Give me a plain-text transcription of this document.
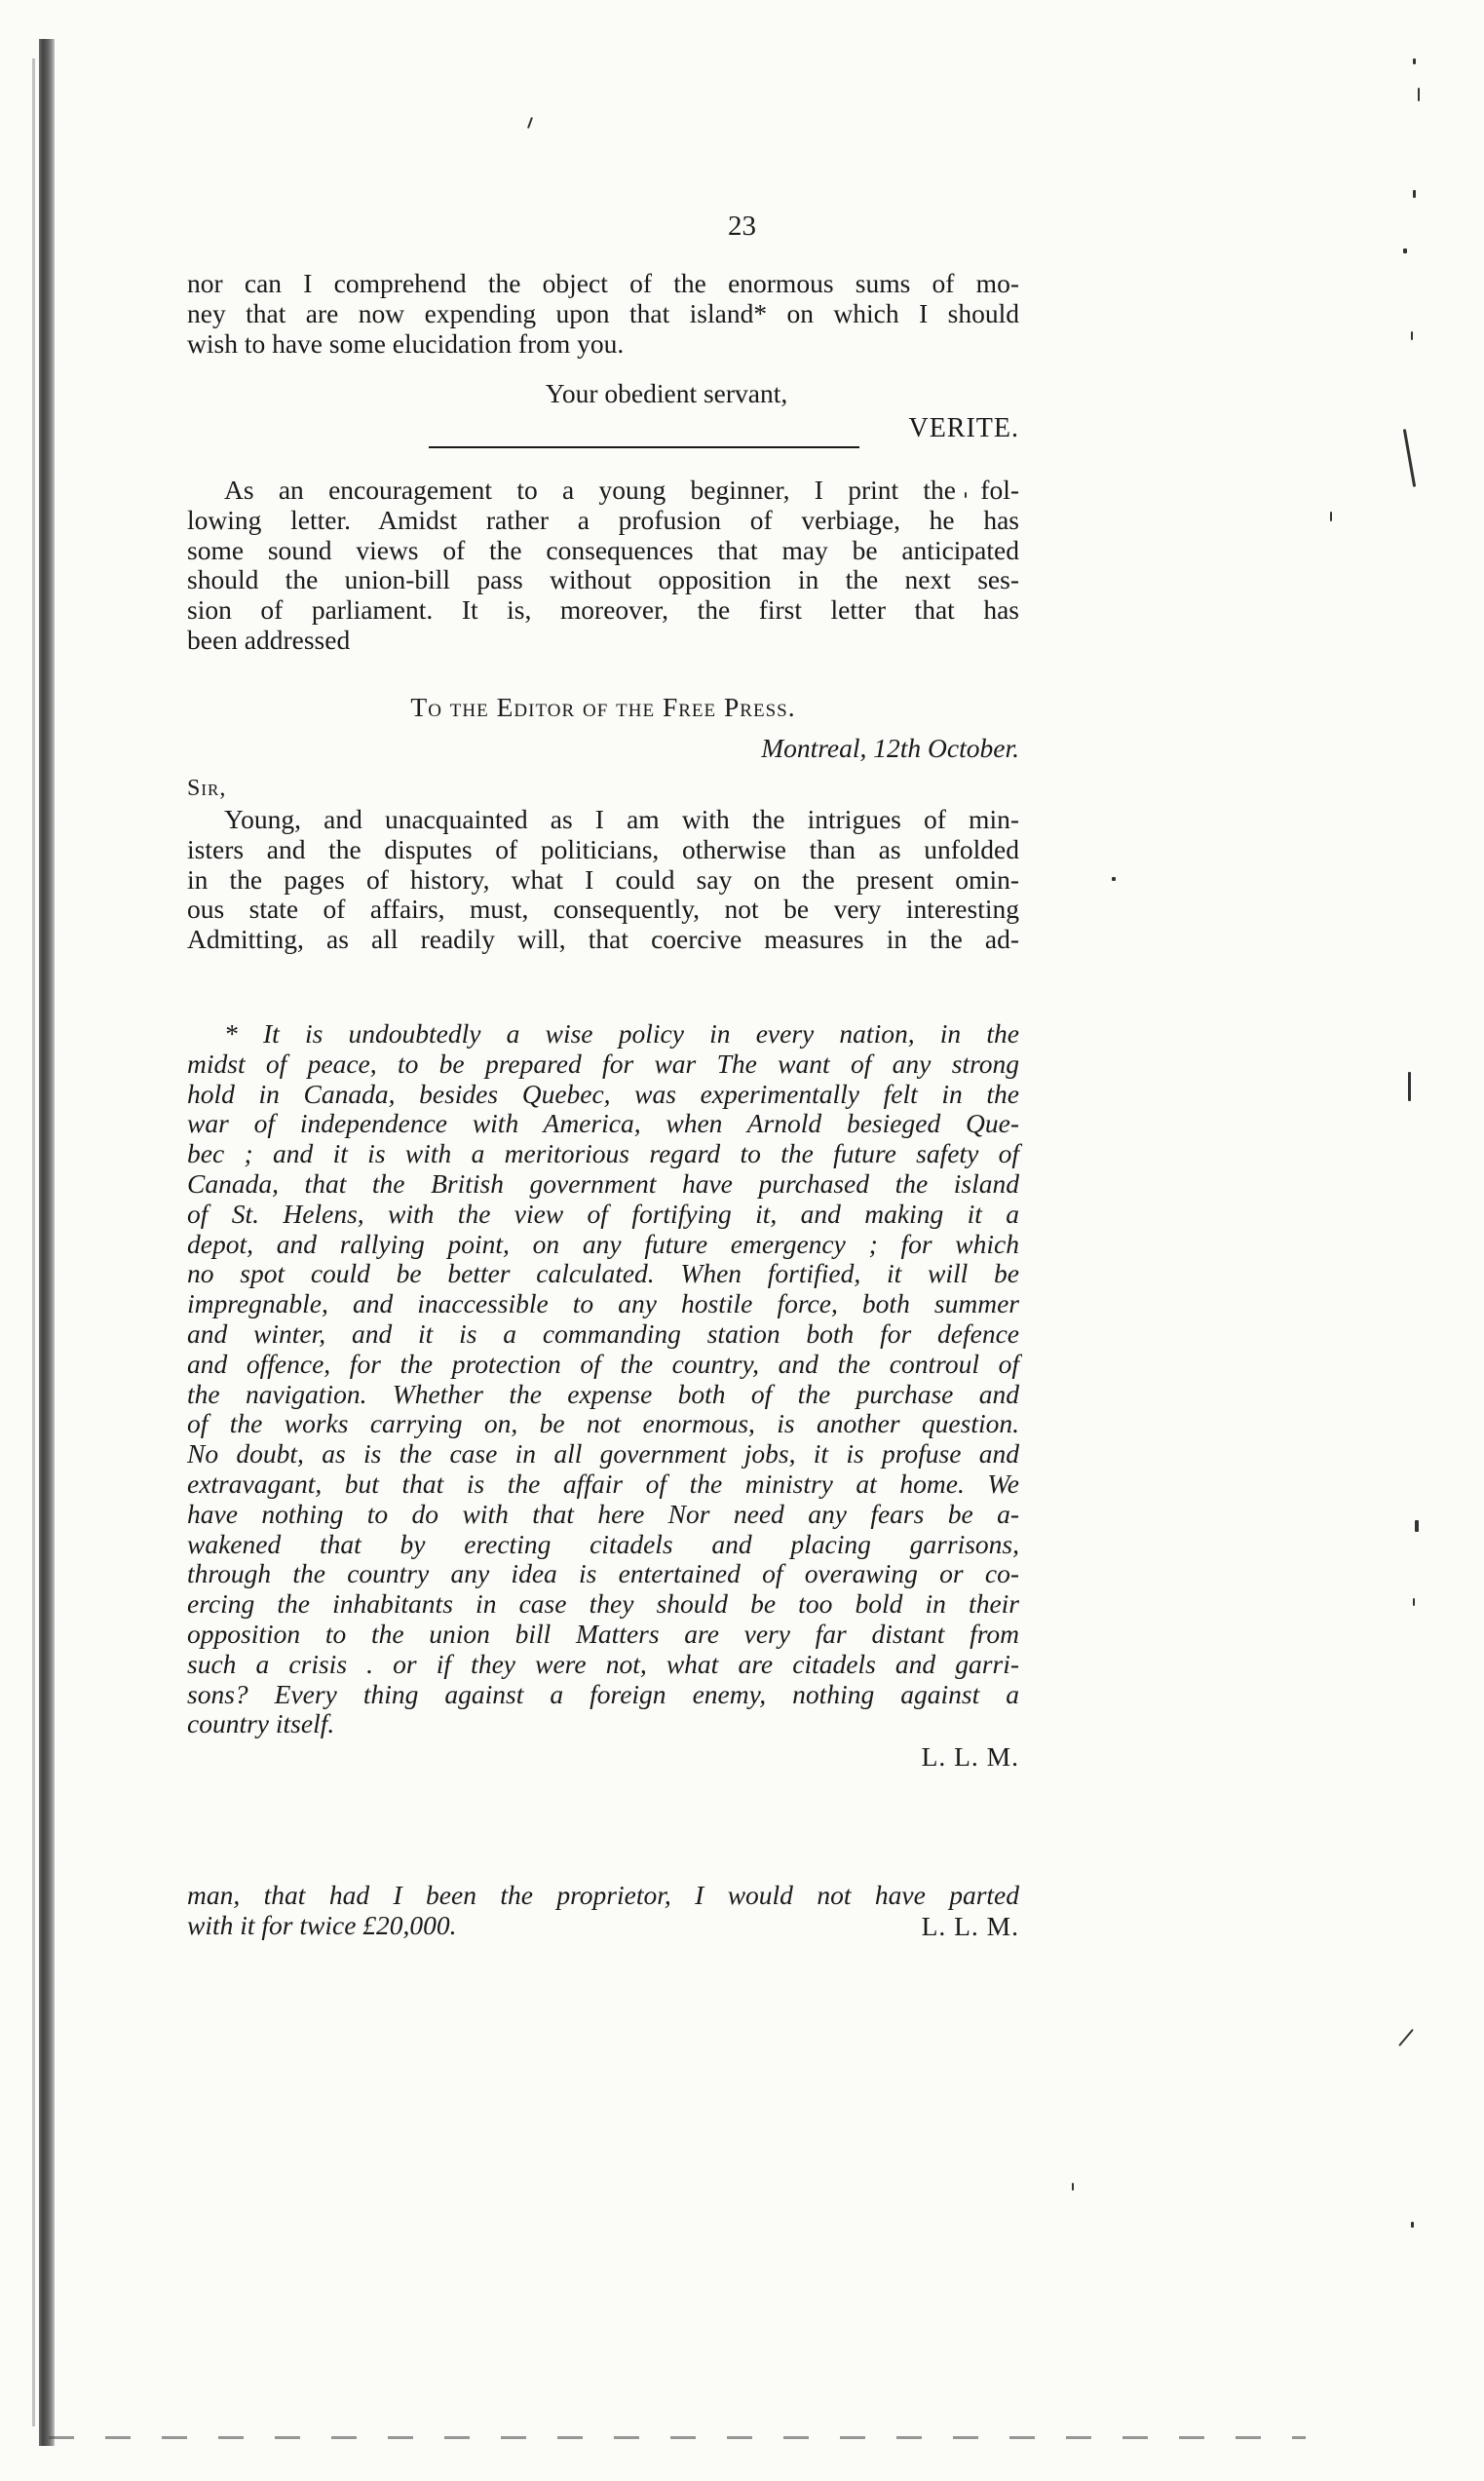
23

nor can I comprehend the object of the enormous sums of mo-

ney that are now expending upon that island* on which I should

wish to have some elucidation from you.

Your obedient servant,
VERITE.

As an encouragement to a young beginner, I print the fol-

lowing letter. Amidst rather a profusion of verbiage, he has

some sound views of the consequences that may be anticipated

should the union-bill pass without opposition in the next ses-

sion of parliament. It is, moreover, the first letter that has

been addressed

To the Editor of the Free Press.
Montreal, 12th October.
Sir,

Young, and unacquainted as I am with the intrigues of min-

isters and the disputes of politicians, otherwise than as unfolded

in the pages of history, what I could say on the present omin-

ous state of affairs, must, consequently, not be very interesting

Admitting, as all readily will, that coercive measures in the ad-

* It is undoubtedly a wise policy in every nation, in the

midst of peace, to be prepared for war The want of any strong

hold in Canada, besides Quebec, was experimentally felt in the

war of independence with America, when Arnold besieged Que-

bec ; and it is with a meritorious regard to the future safety of

Canada, that the British government have purchased the island

of St. Helens, with the view of fortifying it, and making it a

depot, and rallying point, on any future emergency ; for which

no spot could be better calculated. When fortified, it will be

impregnable, and inaccessible to any hostile force, both summer

and winter, and it is a commanding station both for defence

and offence, for the protection of the country, and the controul of

the navigation. Whether the expense both of the purchase and

of the works carrying on, be not enormous, is another question.

No doubt, as is the case in all government jobs, it is profuse and

extravagant, but that is the affair of the ministry at home. We

have nothing to do with that here Nor need any fears be a-

wakened that by erecting citadels and placing garrisons,

through the country any idea is entertained of overawing or co-

ercing the inhabitants in case they should be too bold in their

opposition to the union bill Matters are very far distant from

such a crisis . or if they were not, what are citadels and garri-

sons? Every thing against a foreign enemy, nothing against a

country itself.

L. L. M.

man, that had I been the proprietor, I would not have parted

with it for twice £20,000.	L. L. M.
